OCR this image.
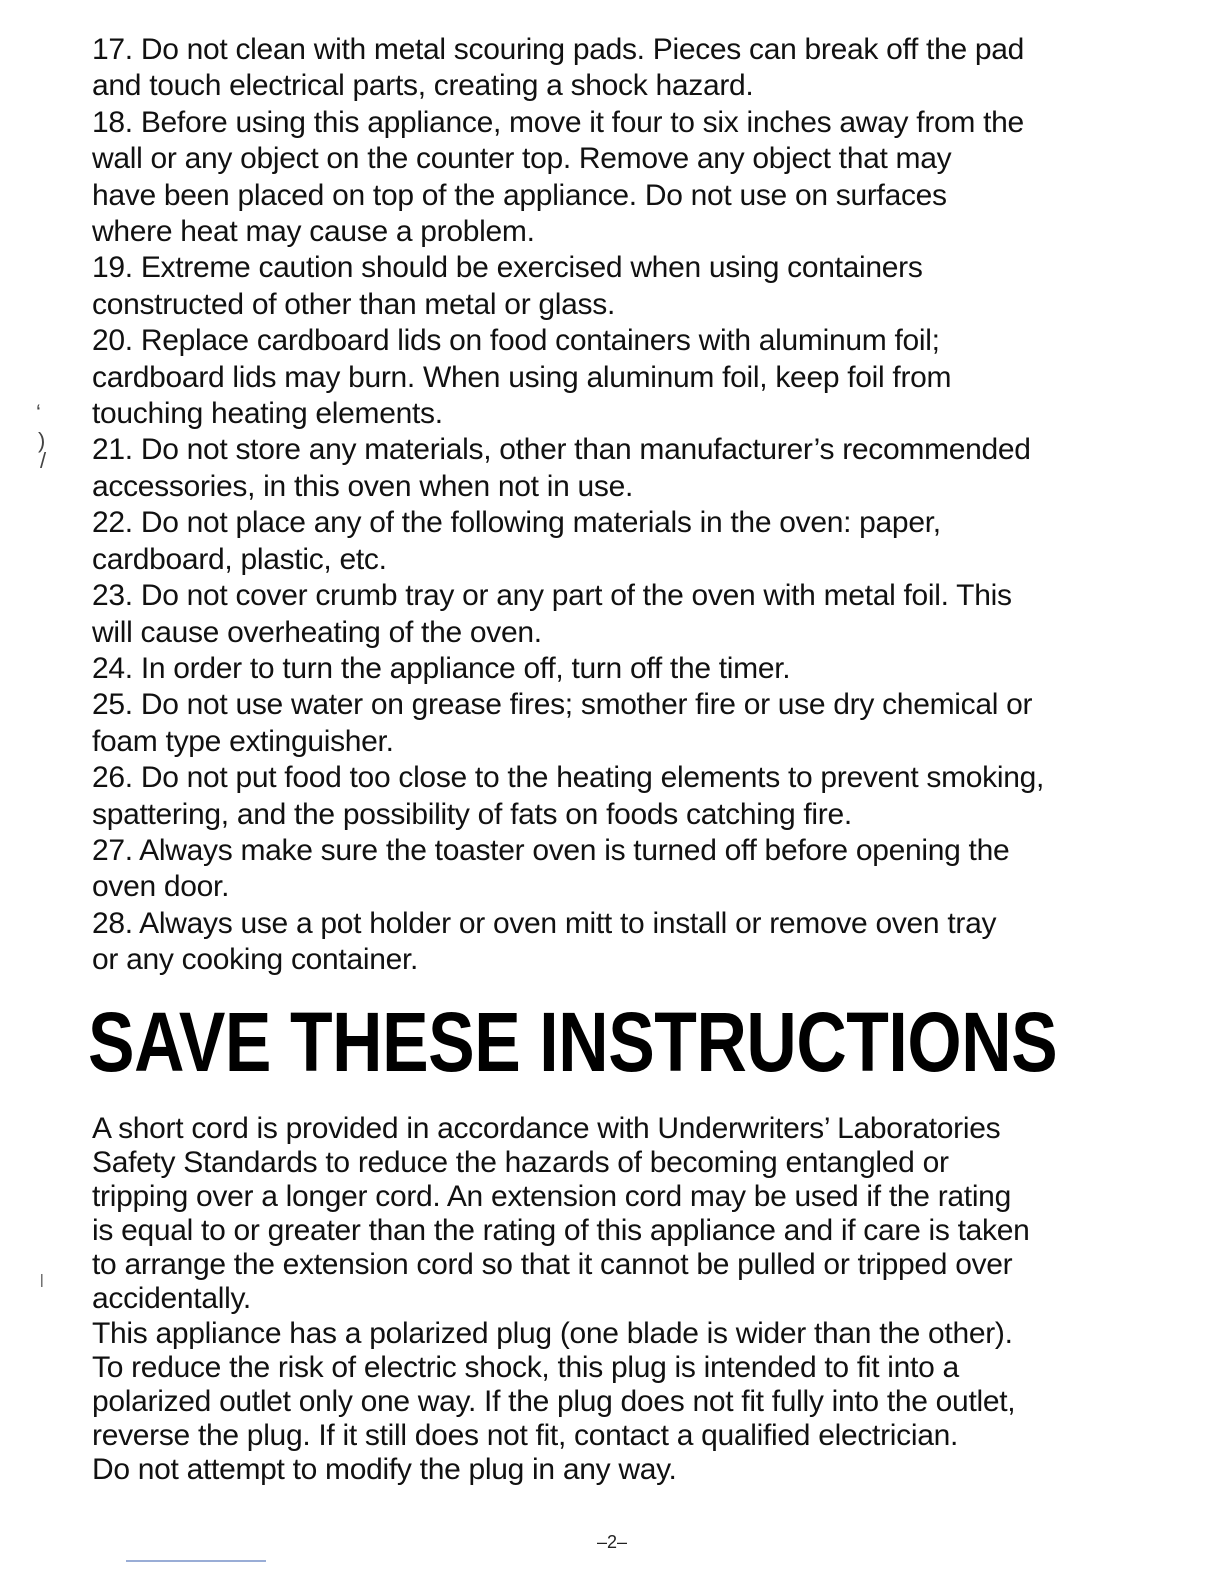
17. Do not clean with metal scouring pads. Pieces can break off the pad
and touch electrical parts, creating a shock hazard.
18. Before using this appliance, move it four to six inches away from the
wall or any object on the counter top. Remove any object that may
have been placed on top of the appliance. Do not use on surfaces
where heat may cause a problem.
19. Extreme caution should be exercised when using containers
constructed of other than metal or glass.
20. Replace cardboard lids on food containers with aluminum foil;
cardboard lids may burn. When using aluminum foil, keep foil from
touching heating elements.
21. Do not store any materials, other than manufacturer’s recommended
accessories, in this oven when not in use.
22. Do not place any of the following materials in the oven: paper,
cardboard, plastic, etc.
23. Do not cover crumb tray or any part of the oven with metal foil. This
will cause overheating of the oven.
24. In order to turn the appliance off, turn off the timer.
25. Do not use water on grease fires; smother fire or use dry chemical or
foam type extinguisher.
26. Do not put food too close to the heating elements to prevent smoking,
spattering, and the possibility of fats on foods catching fire.
27. Always make sure the toaster oven is turned off before opening the
oven door.
28. Always use a pot holder or oven mitt to install or remove oven tray
or any cooking container.
SAVE THESE INSTRUCTIONS
A short cord is provided in accordance with Underwriters’ Laboratories
Safety Standards to reduce the hazards of becoming entangled or
tripping over a longer cord. An extension cord may be used if the rating
is equal to or greater than the rating of this appliance and if care is taken
to arrange the extension cord so that it cannot be pulled or tripped over
accidentally.
This appliance has a polarized plug (one blade is wider than the other).
To reduce the risk of electric shock, this plug is intended to fit into a
polarized outlet only one way. If the plug does not fit fully into the outlet,
reverse the plug. If it still does not fit, contact a qualified electrician.
Do not attempt to modify the plug in any way.
–2–
‘
)
/
|
